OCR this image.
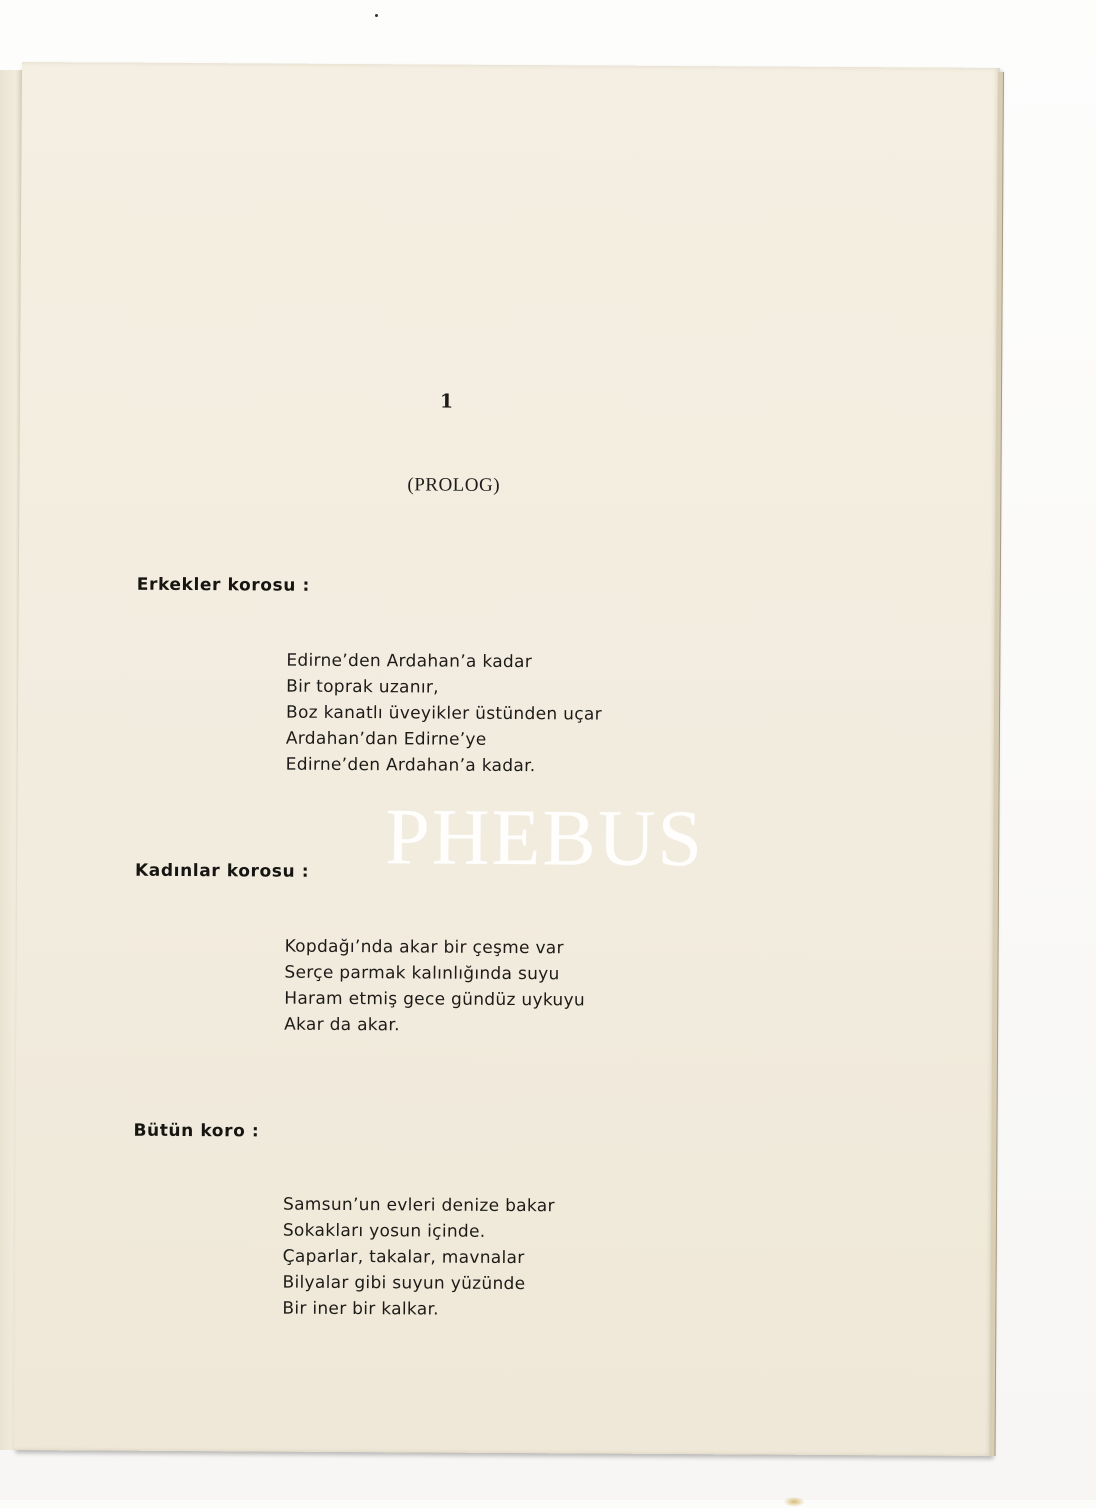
1
(PROLOG)
Erkekler korosu :
Edirne’den Ardahan’a kadar
Bir toprak uzanır,
Boz kanatlı üveyikler üstünden uçar
Ardahan’dan Edirne’ye
Edirne’den Ardahan’a kadar.
Kadınlar korosu :
Kopdağı’nda akar bir çeşme var
Serçe parmak kalınlığında suyu
Haram etmiş gece gündüz uykuyu
Akar da akar.
Bütün koro :
Samsun’un evleri denize bakar
Sokakları yosun içinde.
Çaparlar, takalar, mavnalar
Bilyalar gibi suyun yüzünde
Bir iner bir kalkar.
PHEBUS
